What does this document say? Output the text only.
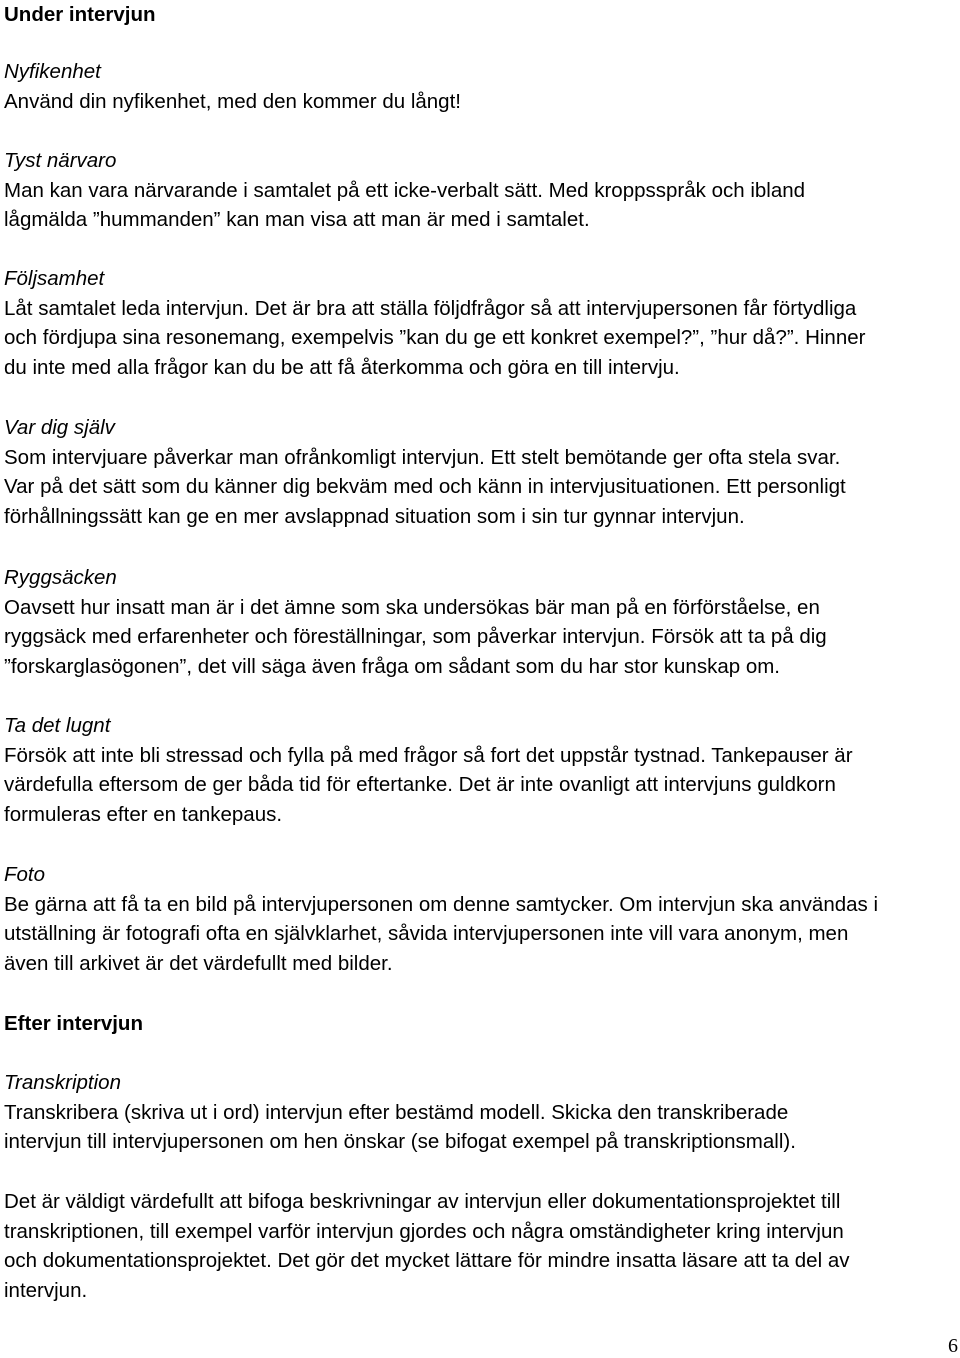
Under intervjun
Nyfikenhet
Använd din nyfikenhet, med den kommer du långt!
Tyst närvaro
Man kan vara närvarande i samtalet på ett icke-verbalt sätt. Med kroppsspråk och ibland
lågmälda ”hummanden” kan man visa att man är med i samtalet.
Följsamhet
Låt samtalet leda intervjun. Det är bra att ställa följdfrågor så att intervjupersonen får förtydliga
och fördjupa sina resonemang, exempelvis ”kan du ge ett konkret exempel?”, ”hur då?”. Hinner
du inte med alla frågor kan du be att få återkomma och göra en till intervju.
Var dig själv
Som intervjuare påverkar man ofrånkomligt intervjun. Ett stelt bemötande ger ofta stela svar.
Var på det sätt som du känner dig bekväm med och känn in intervjusituationen. Ett personligt
förhållningssätt kan ge en mer avslappnad situation som i sin tur gynnar intervjun.
Ryggsäcken
Oavsett hur insatt man är i det ämne som ska undersökas bär man på en förförståelse, en
ryggsäck med erfarenheter och föreställningar, som påverkar intervjun. Försök att ta på dig
”forskarglasögonen”, det vill säga även fråga om sådant som du har stor kunskap om.
Ta det lugnt
Försök att inte bli stressad och fylla på med frågor så fort det uppstår tystnad. Tankepauser är
värdefulla eftersom de ger båda tid för eftertanke. Det är inte ovanligt att intervjuns guldkorn
formuleras efter en tankepaus.
Foto
Be gärna att få ta en bild på intervjupersonen om denne samtycker. Om intervjun ska användas i
utställning är fotografi ofta en självklarhet, såvida intervjupersonen inte vill vara anonym, men
även till arkivet är det värdefullt med bilder.
Efter intervjun
Transkription
Transkribera (skriva ut i ord) intervjun efter bestämd modell. Skicka den transkriberade
intervjun till intervjupersonen om hen önskar (se bifogat exempel på transkriptionsmall).
Det är väldigt värdefullt att bifoga beskrivningar av intervjun eller dokumentationsprojektet till
transkriptionen, till exempel varför intervjun gjordes och några omständigheter kring intervjun
och dokumentationsprojektet. Det gör det mycket lättare för mindre insatta läsare att ta del av
intervjun.
6
